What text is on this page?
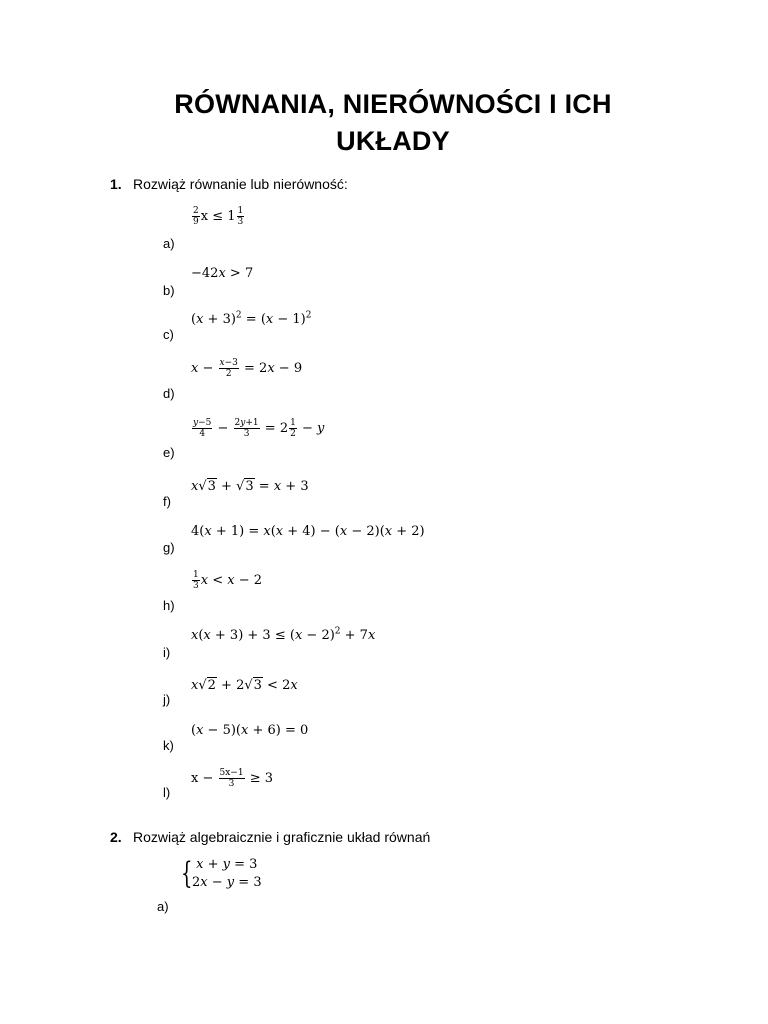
RÓWNANIA, NIERÓWNOŚCI I ICH
UKŁADY
1. Rozwiąż równanie lub nierówność:
$\frac{2}{9}$ $x \le 1 \frac{1}{3}$
a)
−42x > 7
b)
$(x + 3)^2 = (x - 1)^2$
c)
$x - \frac{x-3}{2} = 2x - 9$
d)
$\frac{y-5}{4} - \frac{2y+1}{3} = 2 \frac{1}{2} - y$
e)
x√3 + √3 = x + 3
f)
4(x + 1) = x(x + 4) − (x − 2)(x + 2)
g)
$\frac{1}{3}$ x < x − 2
h)
$x(x + 3) + 3 \le (x - 2)^2 + 7x$
i)
x√2 + 2√3 < 2x
j)
(x − 5)(x + 6) = 0
k)
$x - \frac{5x-1}{3} \ge 3$
l)
2. Rozwiąż algebraicznie i graficznie układ równań
{ x + y = 3
2x − y = 3
a)
